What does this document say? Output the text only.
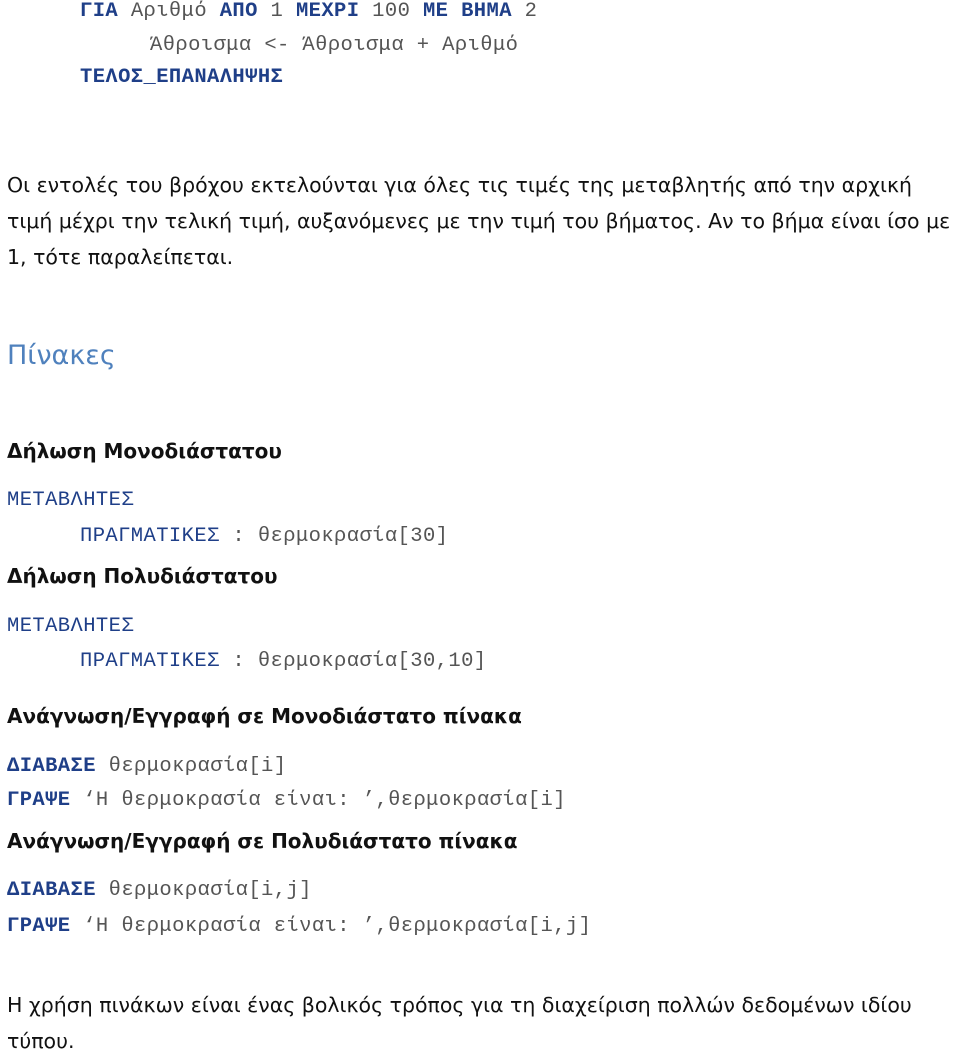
ΓΙΑ Αριθμό ΑΠΟ 1 ΜΕΧΡΙ 100 ΜΕ ΒΗΜΑ 2
Άθροισμα <- Άθροισμα + Αριθμό
ΤΕΛΟΣ_ΕΠΑΝΑΛΗΨΗΣ
Οι εντολές του βρόχου εκτελούνται για όλες τις τιμές της μεταβλητής από την αρχική τιμή μέχρι την τελική τιμή, αυξανόμενες με την τιμή του βήματος. Αν το βήμα είναι ίσο με 1, τότε παραλείπεται.
Πίνακες
Δήλωση Μονοδιάστατου
ΜΕΤΑΒΛΗΤΕΣ
ΠΡΑΓΜΑΤΙΚΕΣ : θερμοκρασία[30]
Δήλωση Πολυδιάστατου
ΜΕΤΑΒΛΗΤΕΣ
ΠΡΑΓΜΑΤΙΚΕΣ : θερμοκρασία[30,10]
Ανάγνωση/Εγγραφή σε Μονοδιάστατο πίνακα
ΔΙΑΒΑΣΕ θερμοκρασία[i]
ΓΡΑΨΕ ‘Η θερμοκρασία είναι: ’,θερμοκρασία[i]
Ανάγνωση/Εγγραφή σε Πολυδιάστατο πίνακα
ΔΙΑΒΑΣΕ θερμοκρασία[i,j]
ΓΡΑΨΕ ‘Η θερμοκρασία είναι: ’,θερμοκρασία[i,j]
Η χρήση πινάκων είναι ένας βολικός τρόπος για τη διαχείριση πολλών δεδομένων ιδίου τύπου.
